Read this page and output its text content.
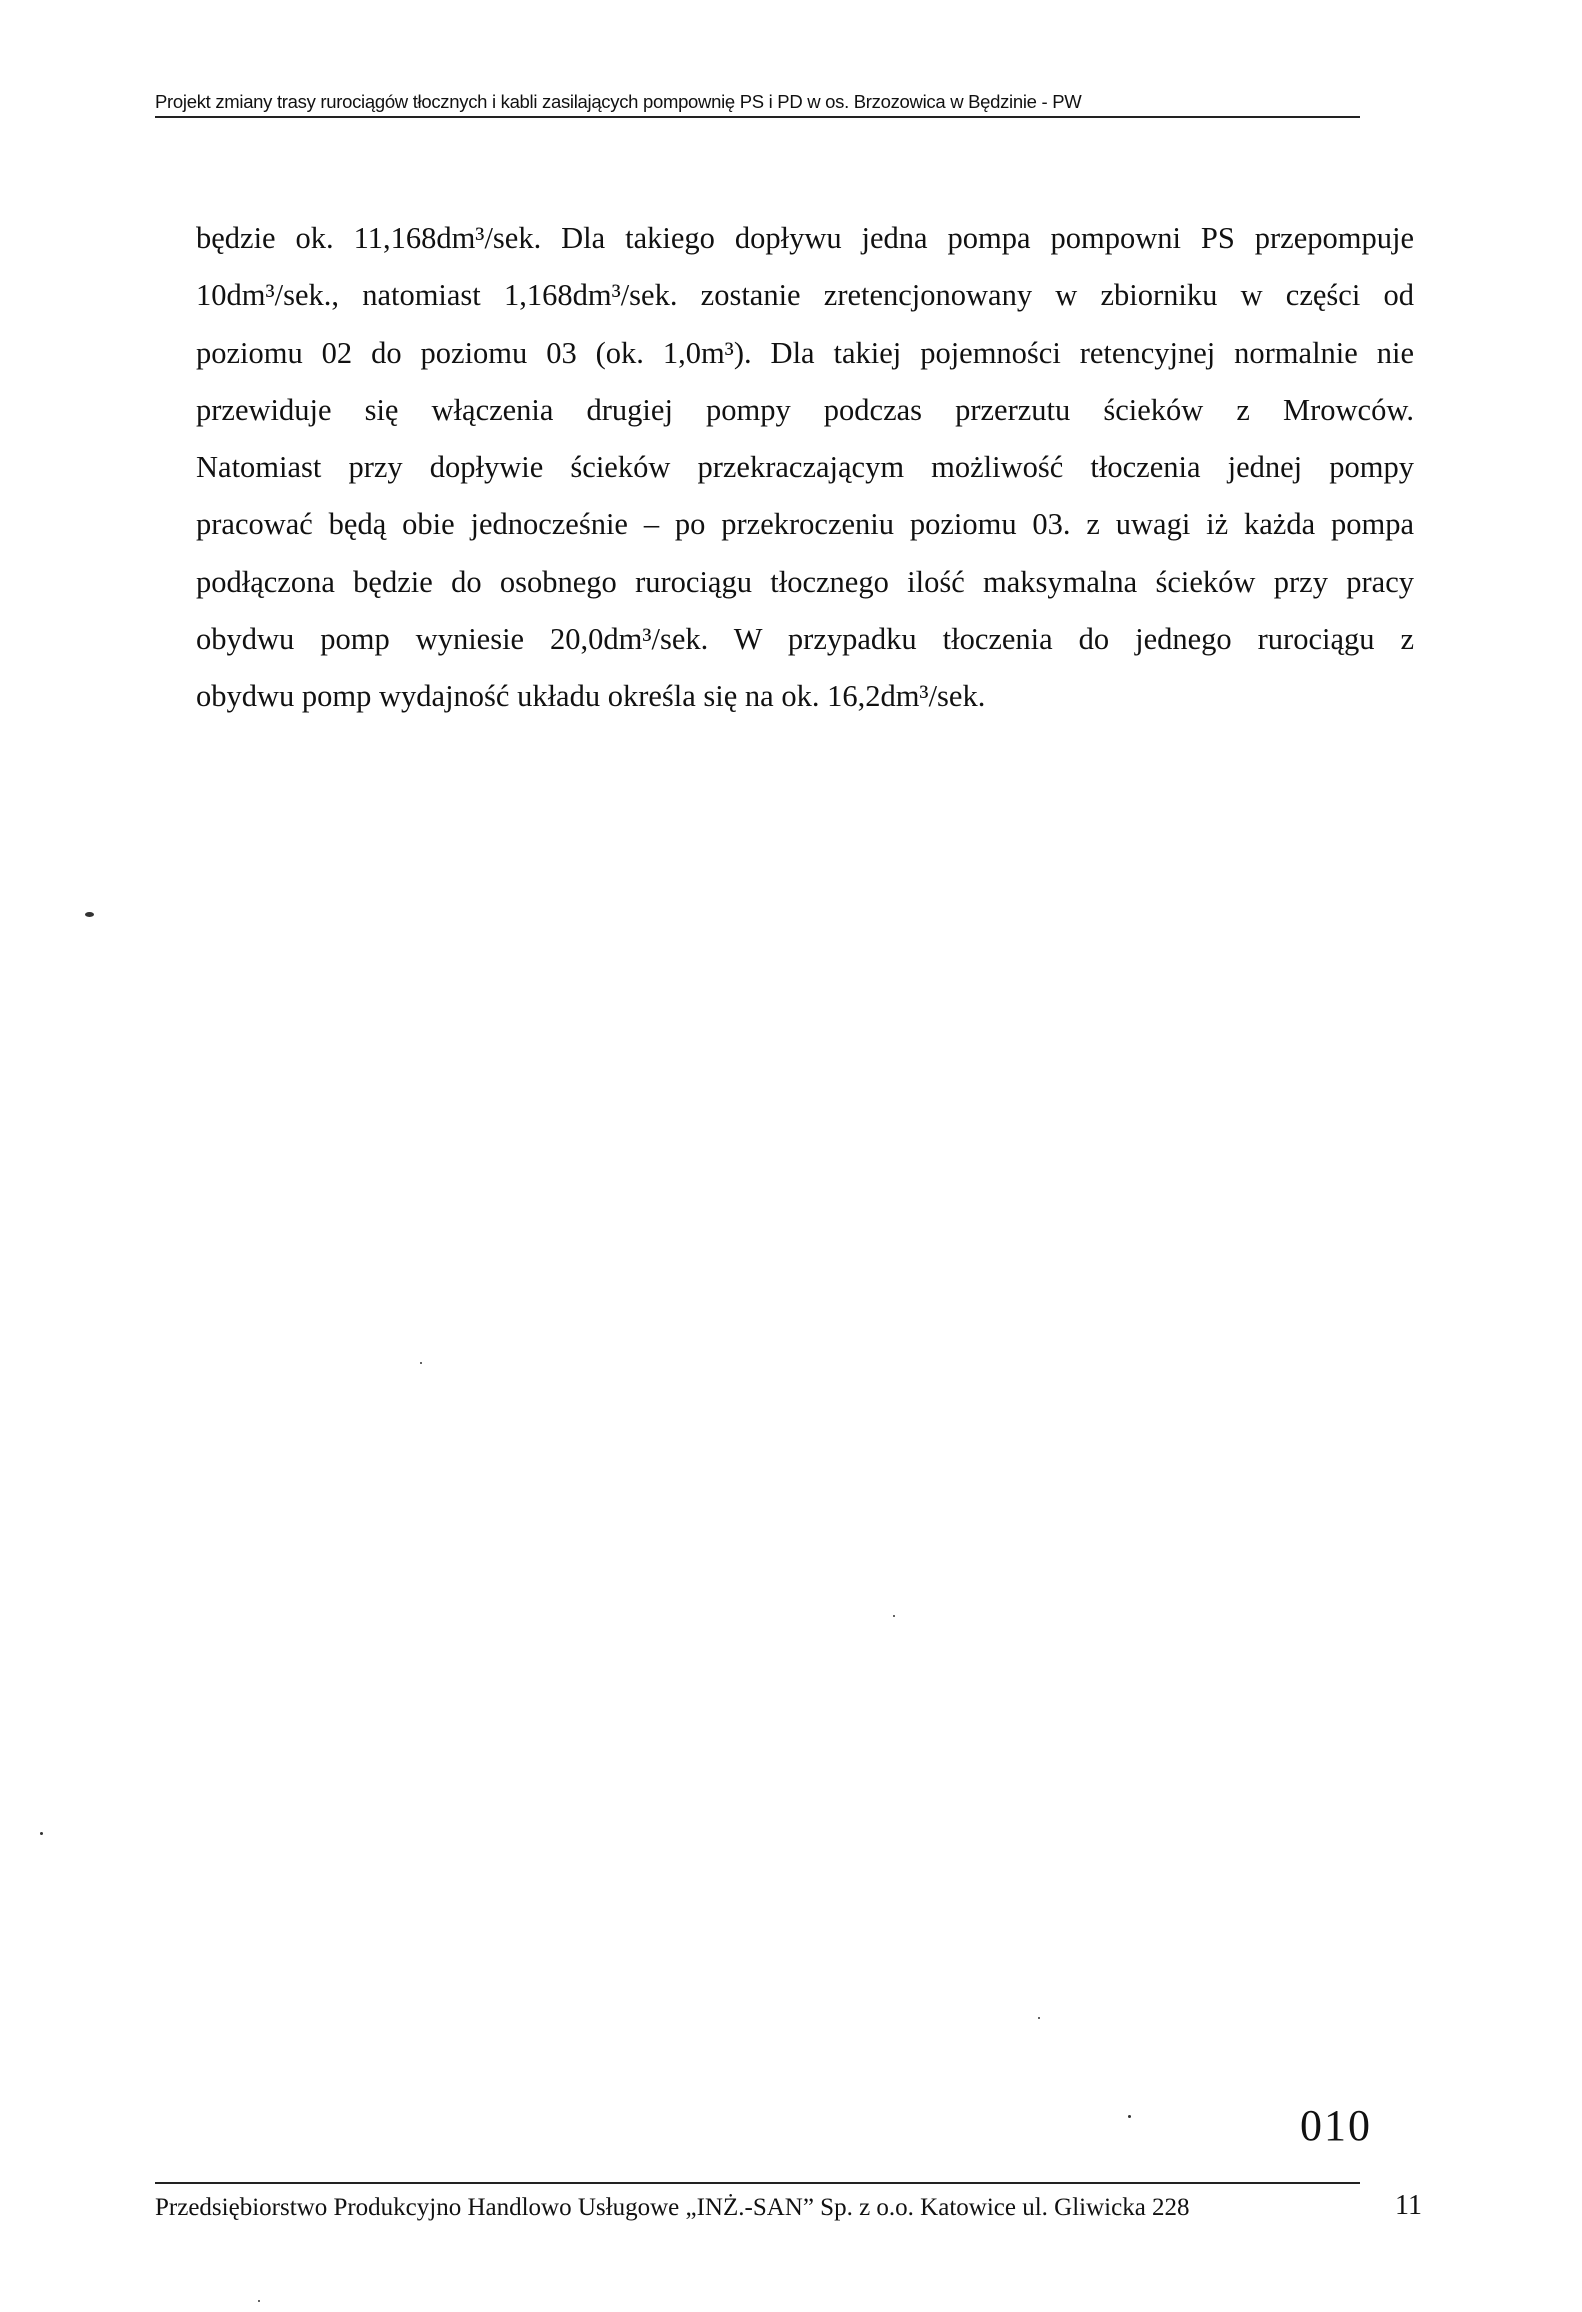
Projekt zmiany trasy rurociągów tłocznych i kabli zasilających pompownię PS i PD w os. Brzozowica w Będzinie - PW
będzie ok. 11,168dm³/sek. Dla takiego dopływu jedna pompa pompowni PS przepompuje
10dm³/sek., natomiast 1,168dm³/sek. zostanie zretencjonowany w zbiorniku w części od
poziomu 02 do poziomu 03 (ok. 1,0m³). Dla takiej pojemności retencyjnej normalnie nie
przewiduje się włączenia drugiej pompy podczas przerzutu ścieków z Mrowców.
Natomiast przy dopływie ścieków przekraczającym możliwość tłoczenia jednej pompy
pracować będą obie jednocześnie – po przekroczeniu poziomu 03. z uwagi iż każda pompa
podłączona będzie do osobnego rurociągu tłocznego ilość maksymalna ścieków przy pracy
obydwu pomp wyniesie 20,0dm³/sek. W przypadku tłoczenia do jednego rurociągu z
obydwu pomp wydajność układu określa się na ok. 16,2dm³/sek.
010
Przedsiębiorstwo Produkcyjno Handlowo Usługowe „INŻ.-SAN” Sp. z o.o. Katowice ul. Gliwicka 228	11
